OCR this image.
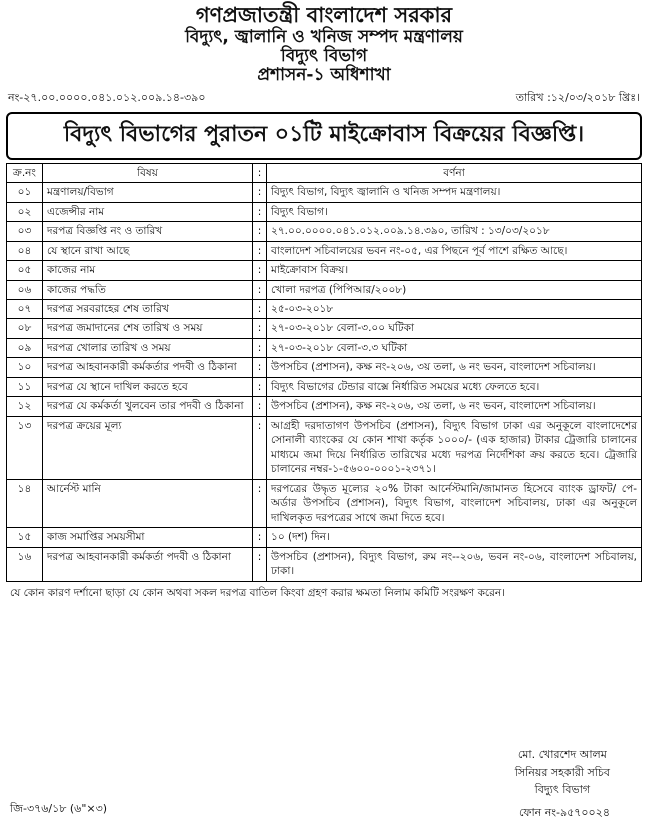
গণপ্রজাতন্ত্রী বাংলাদেশ সরকার
বিদ্যুৎ, জ্বালানি ও খনিজ সম্পদ মন্ত্রণালয়
বিদ্যুৎ বিভাগ
প্রশাসন-১ অধিশাখা
নং-২৭.০০.০০০০.০৪১.০১২.০০৯.১৪-৩৯০	তারিখ :১২/০৩/২০১৮ খ্রিঃ।
বিদ্যুৎ বিভাগের পুরাতন ০১টি মাইক্রোবাস বিক্রয়ের বিজ্ঞপ্তি।
ক্র.নং	বিষয়	:	বর্ণনা
০১	মন্ত্রণালয়/বিভাগ	:	বিদ্যুৎ বিভাগ, বিদ্যুৎ জ্বালানি ও খনিজ সম্পদ মন্ত্রণালয়।
০২	এজেন্সীর নাম	:	বিদ্যুৎ বিভাগ।
০৩	দরপত্র বিজ্ঞপ্তি নং ও তারিখ	:	২৭.০০.০০০০.০৪১.০১২.০০৯.১৪.৩৯০, তারিখ : ১৩/০৩/২০১৮
০৪	যে স্থানে রাখা আছে	:	বাংলাদেশ সচিবালয়ের ভবন নং-০৫, এর পিছনে পূর্ব পাশে রক্ষিত আছে।
০৫	কাজের নাম	:	মাইক্রোবাস বিক্রয়।
০৬	কাজের পদ্ধতি	:	খোলা দরপত্র (পিপিআর/২০০৮)
০৭	দরপত্র সরবরাহের শেষ তারিখ	:	২৫-০৩-২০১৮
০৮	দরপত্র জমাদানের শেষ তারিখ ও সময়	:	২৭-০৩-২০১৮ বেলা-৩.০০ ঘটিকা
০৯	দরপত্র খোলার তারিখ ও সময়	:	২৭-০৩-২০১৮ বেলা-৩.৩ ঘটিকা
১০	দরপত্র আহবানকারী কর্মকর্তার পদবী ও ঠিকানা	:	উপসচিব (প্রশাসন), কক্ষ নং-২০৬, ৩য় তলা, ৬ নং ভবন, বাংলাদেশ সচিবালয়।
১১	দরপত্র যে স্থানে দাখিল করতে হবে	:	বিদ্যুৎ বিভাগের টেন্ডার বাক্সে নির্ধারিত সময়ের মধ্যে ফেলতে হবে।
১২	দরপত্র যে কর্মকর্তা খুলবেন তার পদবী ও ঠিকানা	:	উপসচিব (প্রশাসন), কক্ষ নং-২০৬, ৩য় তলা, ৬ নং ভবন, বাংলাদেশ সচিবালয়।
১৩	দরপত্র ক্রয়ের মূল্য	:	আগ্রহী দরদাতাগণ উপসচিব (প্রশাসন), বিদ্যুৎ বিভাগ ঢাকা এর অনুকূলে বাংলাদেশের সোনালী ব্যাংকের যে কোন শাখা কর্তৃক ১০০০/- (এক হাজার) টাকার ট্রেজারি চালানের মাধ্যমে জমা দিয়ে নির্ধারিত তারিখের মধ্যে দরপত্র নির্দেশিকা ক্রয় করতে হবে। ট্রেজারি চালানের নম্বর-১-৫৬০০-০০০১-২৩৭১।
১৪	আর্নেস্ট মানি	:	দরপত্রের উদ্ধৃত মূল্যের ২০% টাকা আর্নেস্টমানি/জামানত হিসেবে ব্যাংক ড্রাফট/ পে-অর্ডার উপসচিব (প্রশাসন), বিদ্যুৎ বিভাগ, বাংলাদেশ সচিবালয়, ঢাকা এর অনুকূলে দাখিলকৃত দরপত্রের সাথে জমা দিতে হবে।
১৫	কাজ সমাপ্তির সময়সীমা	:	১০ (দশ) দিন।
১৬	দরপত্র আহবানকারী কর্মকর্তা পদবী ও ঠিকানা	:	উপসচিব (প্রশাসন), বিদ্যুৎ বিভাগ, রুম নং--২০৬, ভবন নং-০৬, বাংলাদেশ সচিবালয়, ঢাকা।
যে কোন কারণ দর্শানো ছাড়া যে কোন অথবা সকল দরপত্র বাতিল কিংবা গ্রহণ করার ক্ষমতা নিলাম কমিটি সংরক্ষণ করেন।
মো. খোরশেদ আলম
সিনিয়র সহকারী সচিব
বিদ্যুৎ বিভাগ
জি-৩৭৬/১৮ (৬"×৩)	ফোন নং-৯৫৭০০২৪
